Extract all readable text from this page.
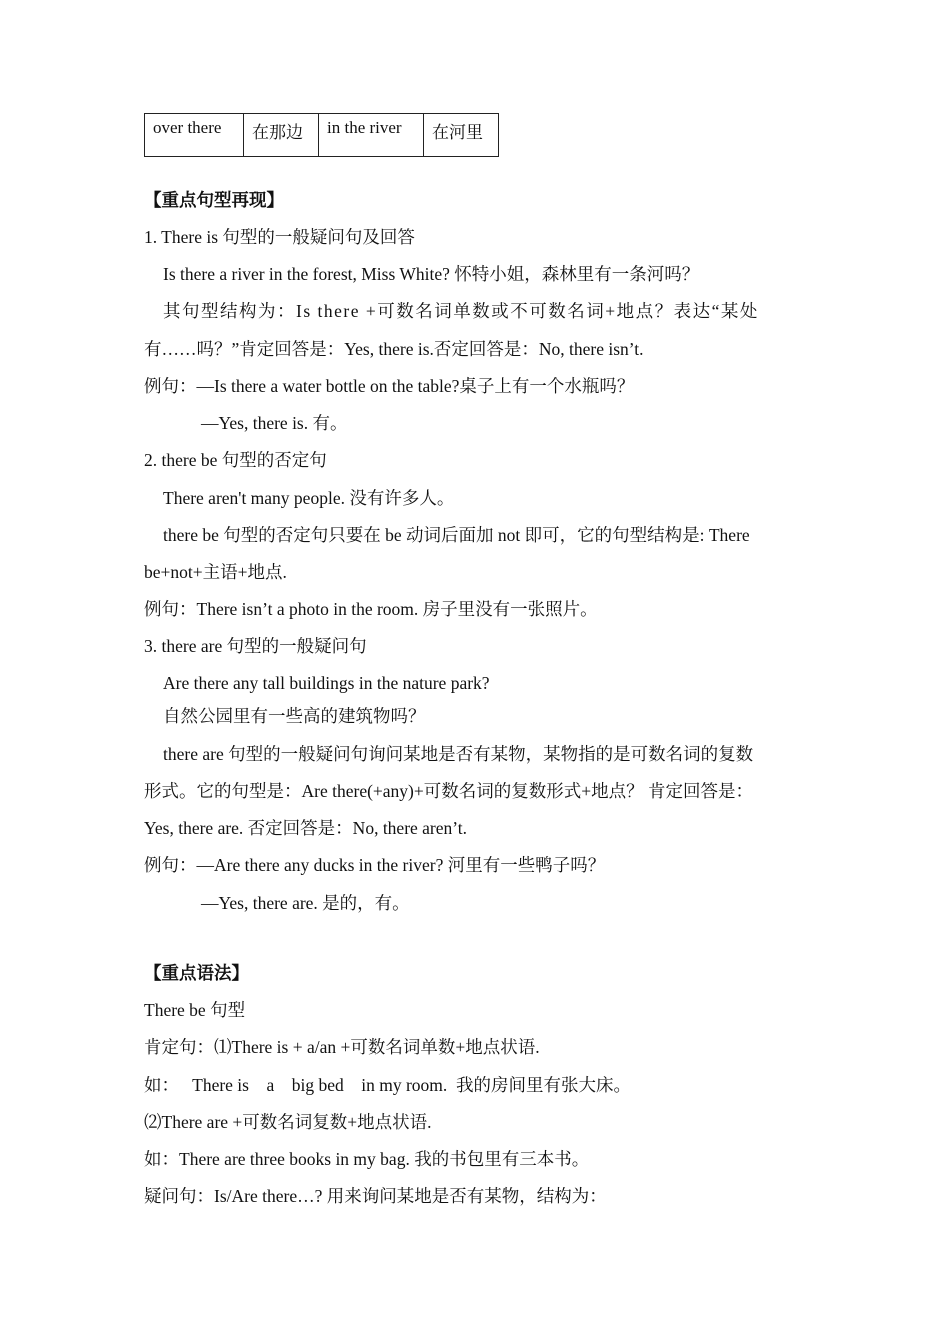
over there	在那边	in the river	在河里
【重点句型再现】
1. There is 句型的一般疑问句及回答
Is there a river in the forest, Miss White? 怀特小姐，森林里有一条河吗？
其句型结构为：Is there +可数名词单数或不可数名词+地点？表达“某处
有……吗？”肯定回答是：Yes, there is.否定回答是：No, there isn’t.
例句：—Is there a water bottle on the table?桌子上有一个水瓶吗？
—Yes, there is. 有。
2. there be 句型的否定句
There aren't many people. 没有许多人。
there be 句型的否定句只要在 be 动词后面加 not 即可，它的句型结构是: There
be+not+主语+地点.
例句：There isn’t a photo in the room. 房子里没有一张照片。
3. there are 句型的一般疑问句
Are there any tall buildings in the nature park?
自然公园里有一些高的建筑物吗？
there are 句型的一般疑问句询问某地是否有某物，某物指的是可数名词的复数
形式。它的句型是：Are there(+any)+可数名词的复数形式+地点？ 肯定回答是：
Yes, there are. 否定回答是：No, there aren’t.
例句：—Are there any ducks in the river? 河里有一些鸭子吗？
—Yes, there are. 是的，有。
【重点语法】
There be 句型
肯定句：⑴There is + a/an +可数名词单数+地点状语.
如：   There is    a    big bed    in my room.  我的房间里有张大床。
⑵There are +可数名词复数+地点状语.
如：There are three books in my bag. 我的书包里有三本书。
疑问句：Is/Are there…? 用来询问某地是否有某物，结构为：
